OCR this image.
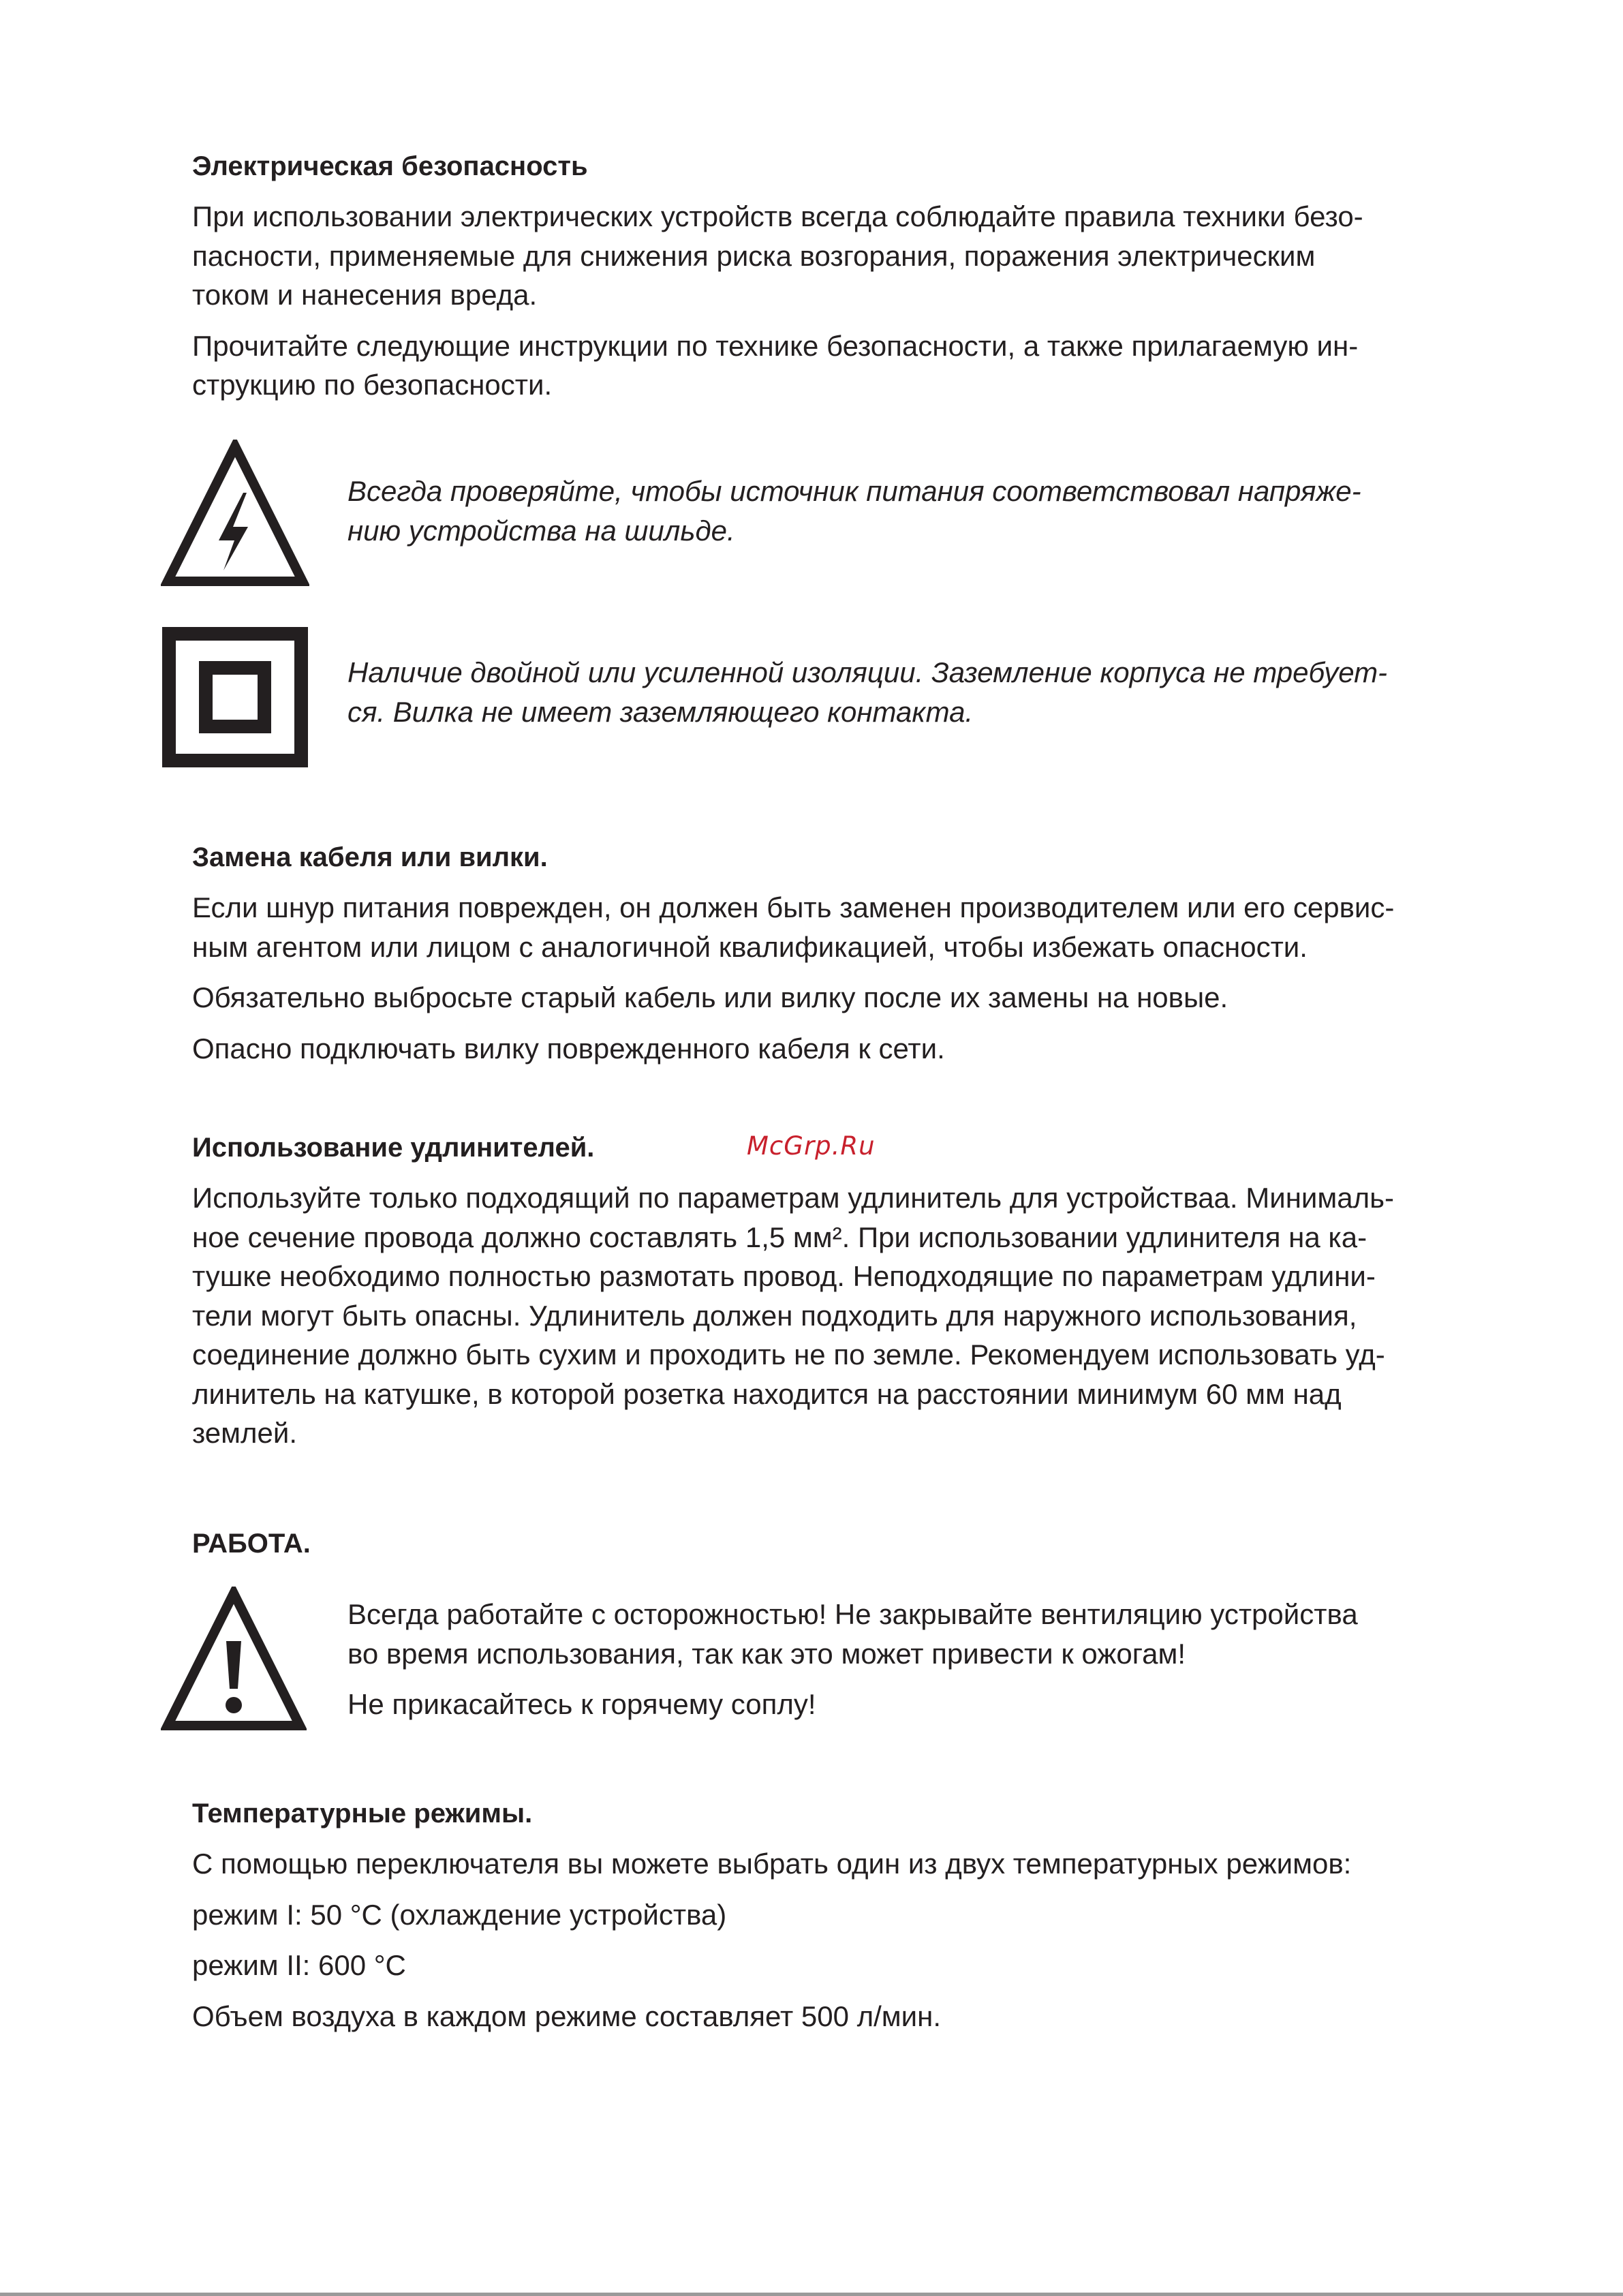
Электрическая безопасность

При использовании электрических устройств всегда соблюдайте правила техники безо-

пасности, применяемые для снижения риска возгорания, поражения электрическим

током и нанесения вреда.

Прочитайте следующие инструкции по технике безопасности, а также прилагаемую ин-

струкцию по безопасности.

Всегда проверяйте, чтобы источник питания соответствовал напряже-

нию устройства на шильде.

Наличие двойной или усиленной изоляции. Заземление корпуса не требует-

ся. Вилка не имеет заземляющего контакта.

Замена кабеля или вилки.

Если шнур питания поврежден, он должен быть заменен производителем или его сервис-

ным агентом или лицом с аналогичной квалификацией, чтобы избежать опасности.

Обязательно выбросьте старый кабель или вилку после их замены на новые.

Опасно подключать вилку поврежденного кабеля к сети.

Использование удлинителей.

Используйте только подходящий по параметрам удлинитель для устройстваа. Минималь-

ное сечение провода должно составлять 1,5 мм². При использовании удлинителя на ка-

тушке необходимо полностью размотать провод. Неподходящие по параметрам удлини-

тели могут быть опасны. Удлинитель должен подходить для наружного использования,

соединение должно быть сухим и проходить не по земле. Рекомендуем использовать уд-

линитель на катушке, в которой розетка находится на расстоянии минимум 60 мм над

землей.

McGrp.Ru
РАБОТА.

Всегда работайте с осторожностью! Не закрывайте вентиляцию устройства

во время использования, так как это может привести к ожогам!

Не прикасайтесь к горячему соплу!

Температурные режимы.

С помощью переключателя вы можете выбрать один из двух температурных режимов:

режим I: 50 °C (охлаждение устройства)

режим II: 600 °C

Объем воздуха в каждом режиме составляет 500 л/мин.
